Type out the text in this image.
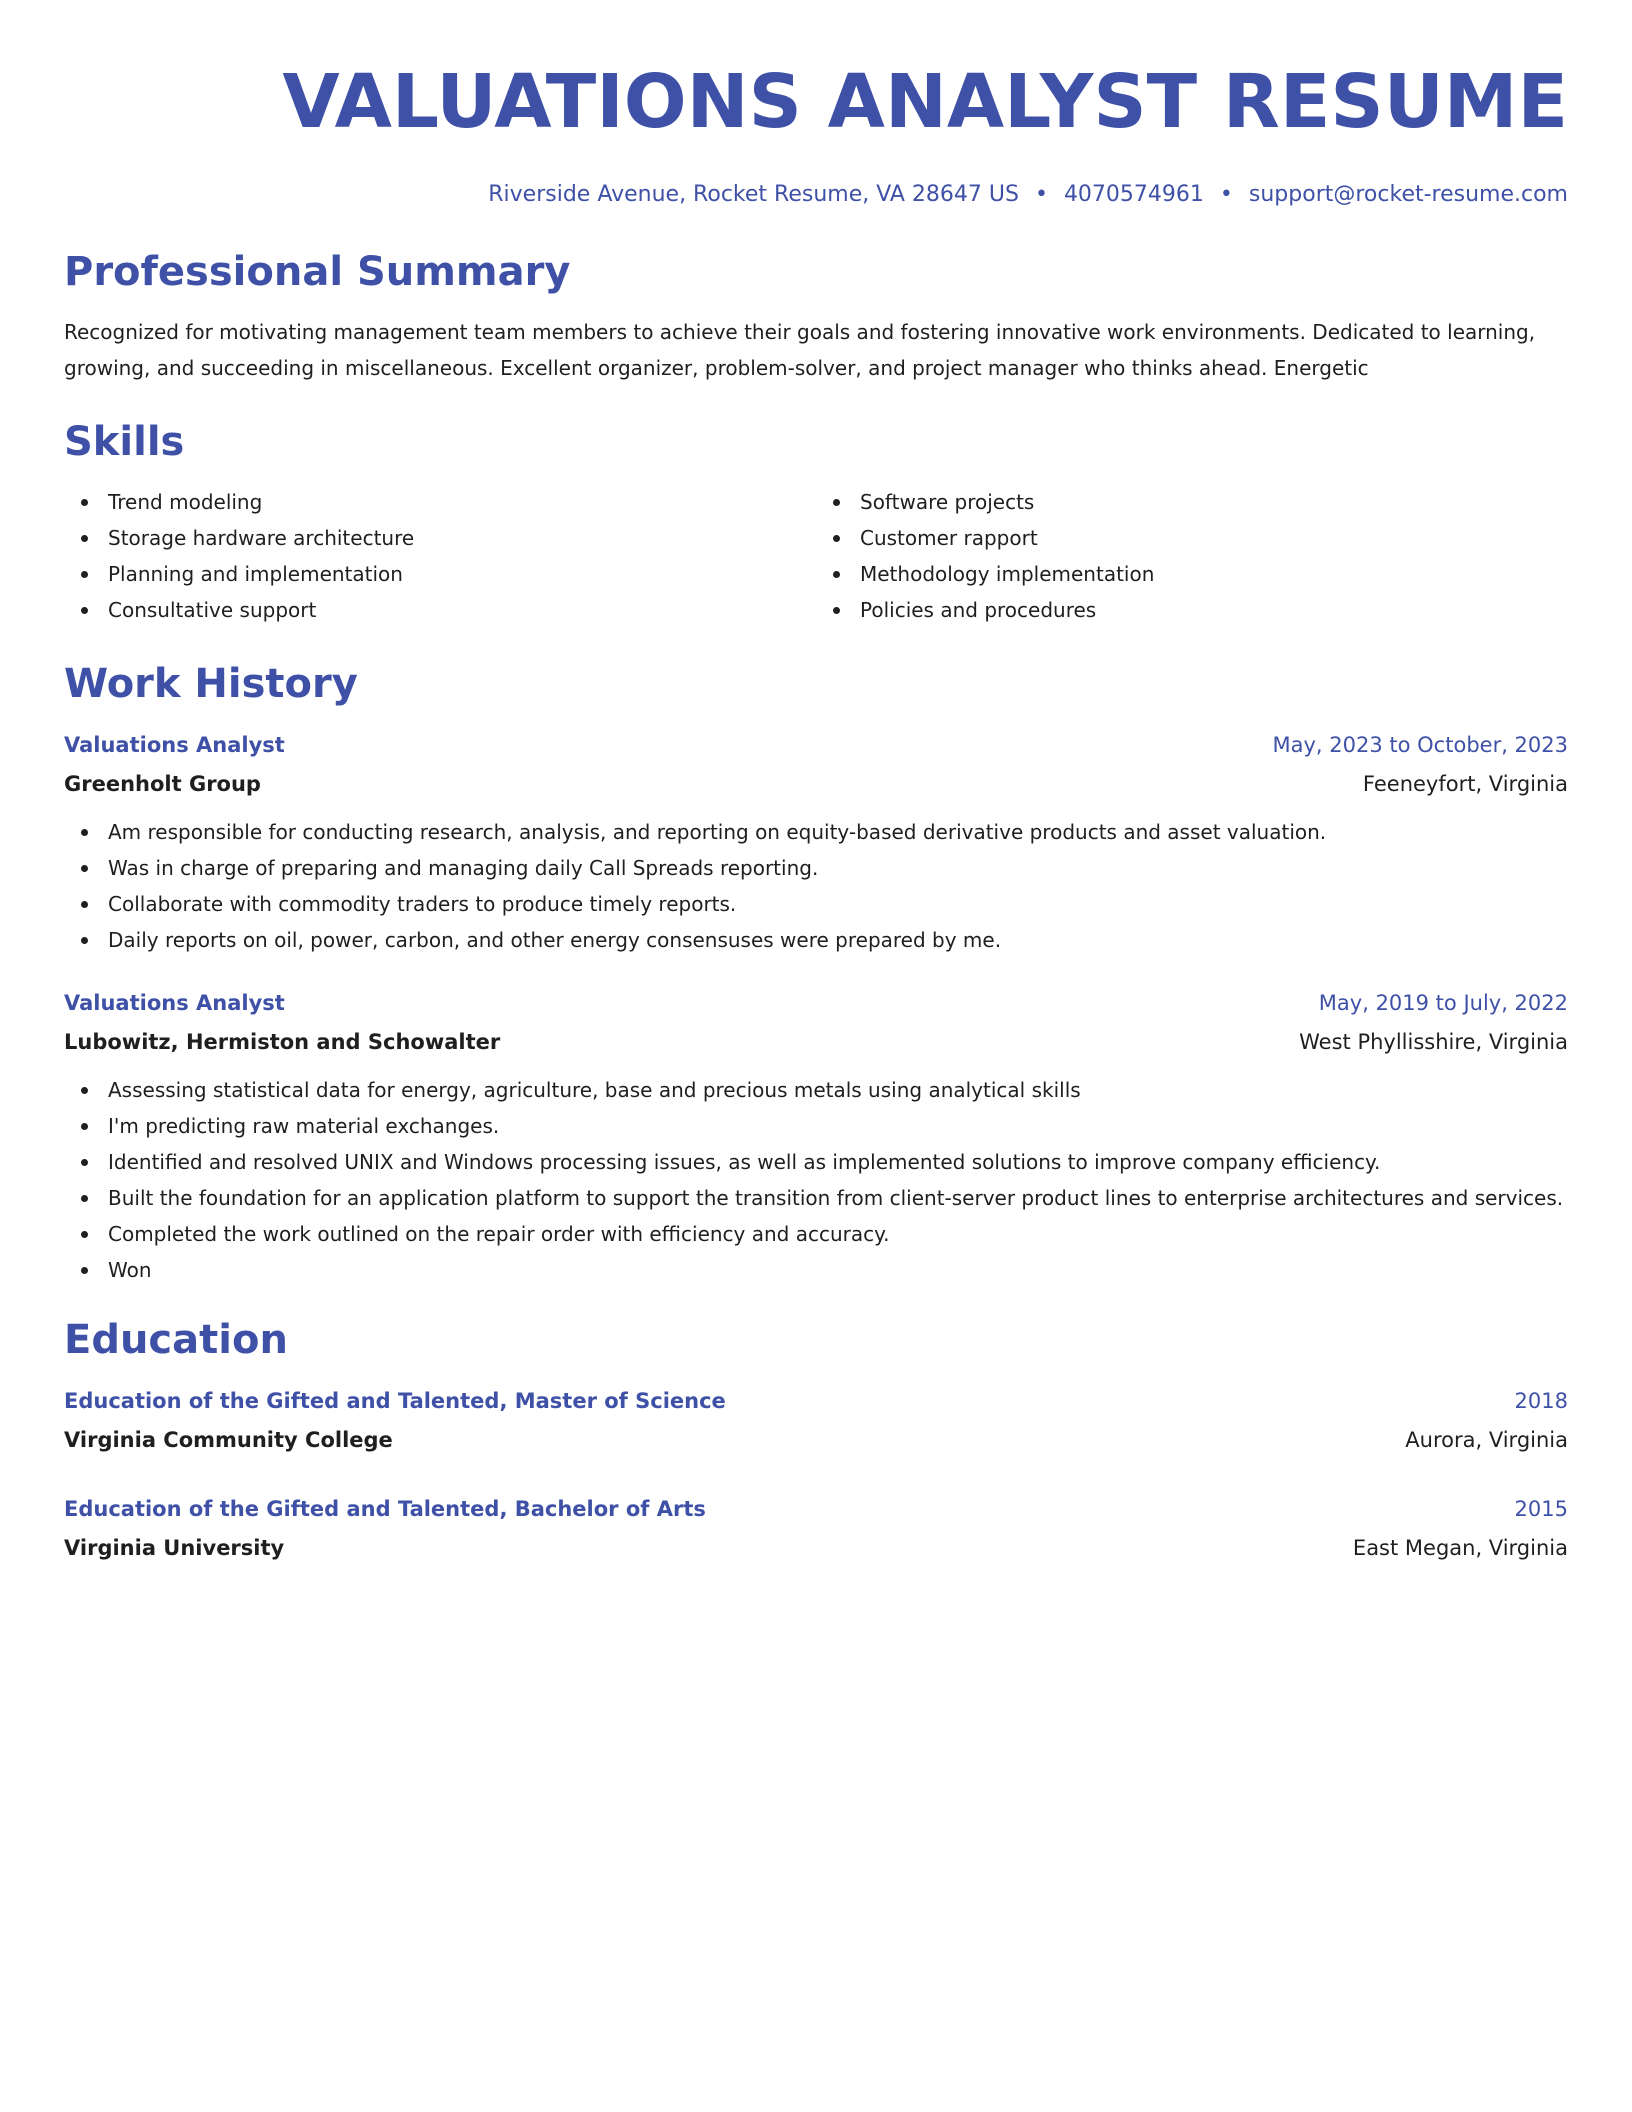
VALUATIONS ANALYST RESUME
Riverside Avenue, Rocket Resume, VA 28647 US • 4070574961 • support@rocket-resume.com
Professional Summary

Recognized for motivating management team members to achieve their goals and fostering innovative work environments. Dedicated to learning, growing, and succeeding in miscellaneous. Excellent organizer, problem-solver, and project manager who thinks ahead. Energetic

Skills
Trend modeling
Storage hardware architecture
Planning and implementation
Consultative support
Software projects
Customer rapport
Methodology implementation
Policies and procedures
Work History
Valuations Analyst	May, 2023 to October, 2023
Greenholt Group	Feeneyfort, Virginia
Am responsible for conducting research, analysis, and reporting on equity-based derivative products and asset valuation.
Was in charge of preparing and managing daily Call Spreads reporting.
Collaborate with commodity traders to produce timely reports.
Daily reports on oil, power, carbon, and other energy consensuses were prepared by me.
Valuations Analyst	May, 2019 to July, 2022
Lubowitz, Hermiston and Schowalter	West Phyllisshire, Virginia
Assessing statistical data for energy, agriculture, base and precious metals using analytical skills
I'm predicting raw material exchanges.
Identified and resolved UNIX and Windows processing issues, as well as implemented solutions to improve company efficiency.
Built the foundation for an application platform to support the transition from client-server product lines to enterprise architectures and services.
Completed the work outlined on the repair order with efficiency and accuracy.
Won
Education
Education of the Gifted and Talented, Master of Science	2018
Virginia Community College	Aurora, Virginia
Education of the Gifted and Talented, Bachelor of Arts	2015
Virginia University	East Megan, Virginia
